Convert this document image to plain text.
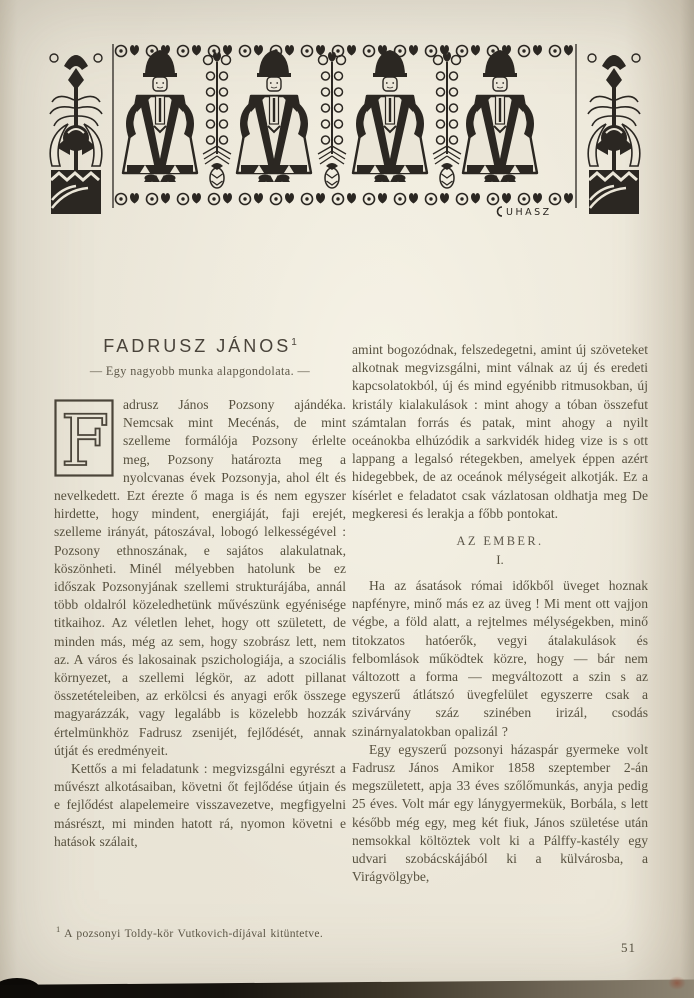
UHASZ
FADRUSZ JÁNOS$^1$
— Egy nagyobb munka alapgondolata. —

F adrusz János Pozsony ajándéka. Nemcsak mint Mecénás, de mint szelleme formálója Pozsony érlelte meg, Pozsony határozta meg a nyolcvanas évek Pozsonyja, ahol élt és nevelkedett. Ezt érezte ő maga is és nem egyszer hirdette, hogy mindent, energiáját, faji erejét, szelleme irányát, pátoszával, lobogó lelkességével : Pozsony ethnoszának, e sajátos alakulatnak, köszönheti. Minél mélyebben hatolunk be ez időszak Pozsonyjának szellemi strukturájába, annál több oldalról közeledhetünk művészünk egyénisége titkaihoz. Az véletlen lehet, hogy ott született, de minden más, még az sem, hogy szobrász lett, nem az. A város és lakosainak pszichologiája, a szociális környezet, a szellemi légkör, az adott pillanat összetételeiben, az erkölcsi és anyagi erők összege magyarázzák, vagy legalább is közelebb hozzák értelmünkhöz Fadrusz zsenijét, fejlődését, annak útját és eredményeit.

Kettős a mi feladatunk : megvizsgálni egyrészt a művészt alkotásaiban, követni őt fejlődése útjain és e fejlődést alapelemeire visszavezetve, megfigyelni másrészt, mi minden hatott rá, nyomon követni e hatások szálait,

amint bogozódnak, felszedegetni, amint új szöveteket alkotnak megvizsgálni, mint válnak az új és eredeti kapcsolatokból, új és mind egyénibb ritmusokban, új kristály kialakulások : mint ahogy a tóban összefut számtalan forrás és patak, mint ahogy a nyilt oceánokba elhúzódik a sarkvidék hideg vize is s ott lappang a legalsó rétegekben, amelyek éppen azért hidegebbek, de az oceánok mélységeit alkotják. Ez a kísérlet e feladatot csak vázlatosan oldhatja meg De megkeresi és lerakja a főbb pontokat.

AZ EMBER.
I.

Ha az ásatások római időkből üveget hoznak napfényre, minő más ez az üveg ! Mi ment ott vajjon végbe, a föld alatt, a rejtelmes mélységekben, minő titokzatos hatóerők, vegyi átalakulások és felbomlások működtek közre, hogy — bár nem változott a forma — megváltozott a szin s az egyszerű átlátszó üvegfelület egyszerre csak a szivárvány száz szinében irizál, csodás szinárnyalatokban opalizál ?

Egy egyszerű pozsonyi házaspár gyermeke volt Fadrusz János Amikor 1858 szeptember 2-án megszületett, apja 33 éves szőlőmunkás, anyja pedig 25 éves. Volt már egy lánygyermekük, Borbála, s lett később még egy, meg két fiuk, János születése után nemsokkal költöztek volt ki a Pálffy-kastély egy udvari szobácskájából ki a külvárosba, a Virágvölgybe,

$^1$ A pozsonyi Toldy-kör Vutkovich-díjával kitüntetve.
51
